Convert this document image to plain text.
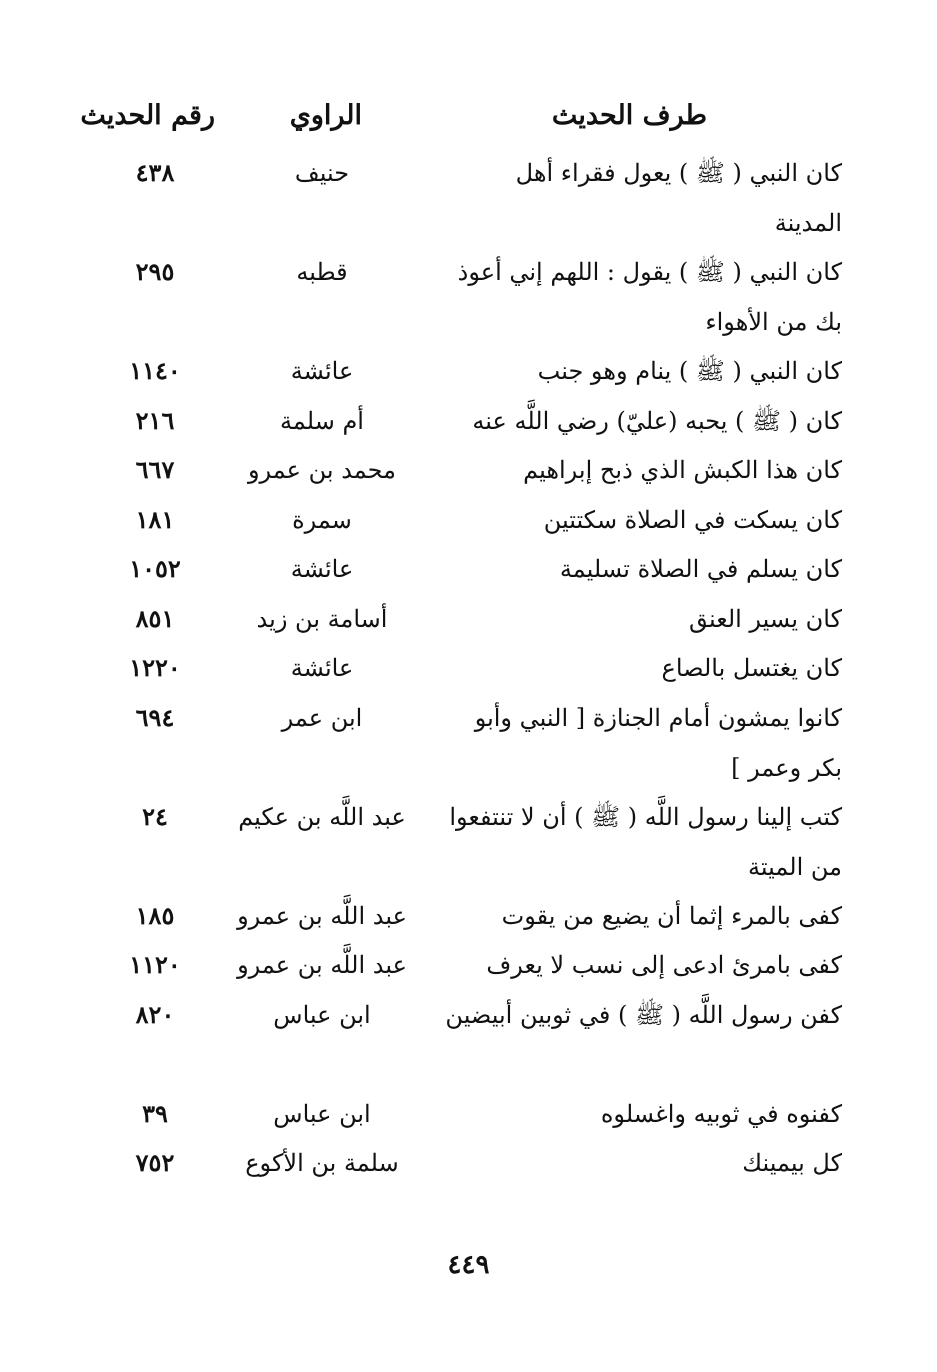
طرف الحديث
الراوي
رقم الحديث
كان النبي ( ﷺ ) يعول فقراء أهل المدينة
حنيف
٤٣٨
كان النبي ( ﷺ ) يقول : اللهم إني أعوذ بك من الأهواء
قطبه
٢٩٥
كان النبي ( ﷺ ) ينام وهو جنب
عائشة
١١٤٠
كان ( ﷺ ) يحبه (عليّ) رضي اللَّه عنه
أم سلمة
٢١٦
كان هذا الكبش الذي ذبح إبراهيم
محمد بن عمرو
٦٦٧
كان يسكت في الصلاة سكتتين
سمرة
١٨١
كان يسلم في الصلاة تسليمة
عائشة
١٠٥٢
كان يسير العنق
أسامة بن زيد
٨٥١
كان يغتسل بالصاع
عائشة
١٢٢٠
كانوا يمشون أمام الجنازة [ النبي وأبو بكر وعمر ]
ابن عمر
٦٩٤
كتب إلينا رسول اللَّه ( ﷺ ) أن لا تنتفعوا من الميتة
عبد اللَّه بن عكيم
٢٤
كفى بالمرء إثما أن يضيع من يقوت
عبد اللَّه بن عمرو
١٨٥
كفى بامرئ ادعى إلى نسب لا يعرف
عبد اللَّه بن عمرو
١١٢٠
كفن رسول اللَّه ( ﷺ ) في ثوبين أبيضين
ابن عباس
٨٢٠
كفنوه في ثوبيه واغسلوه
ابن عباس
٣٩
كل بيمينك
سلمة بن الأكوع
٧٥٢
٤٤٩
